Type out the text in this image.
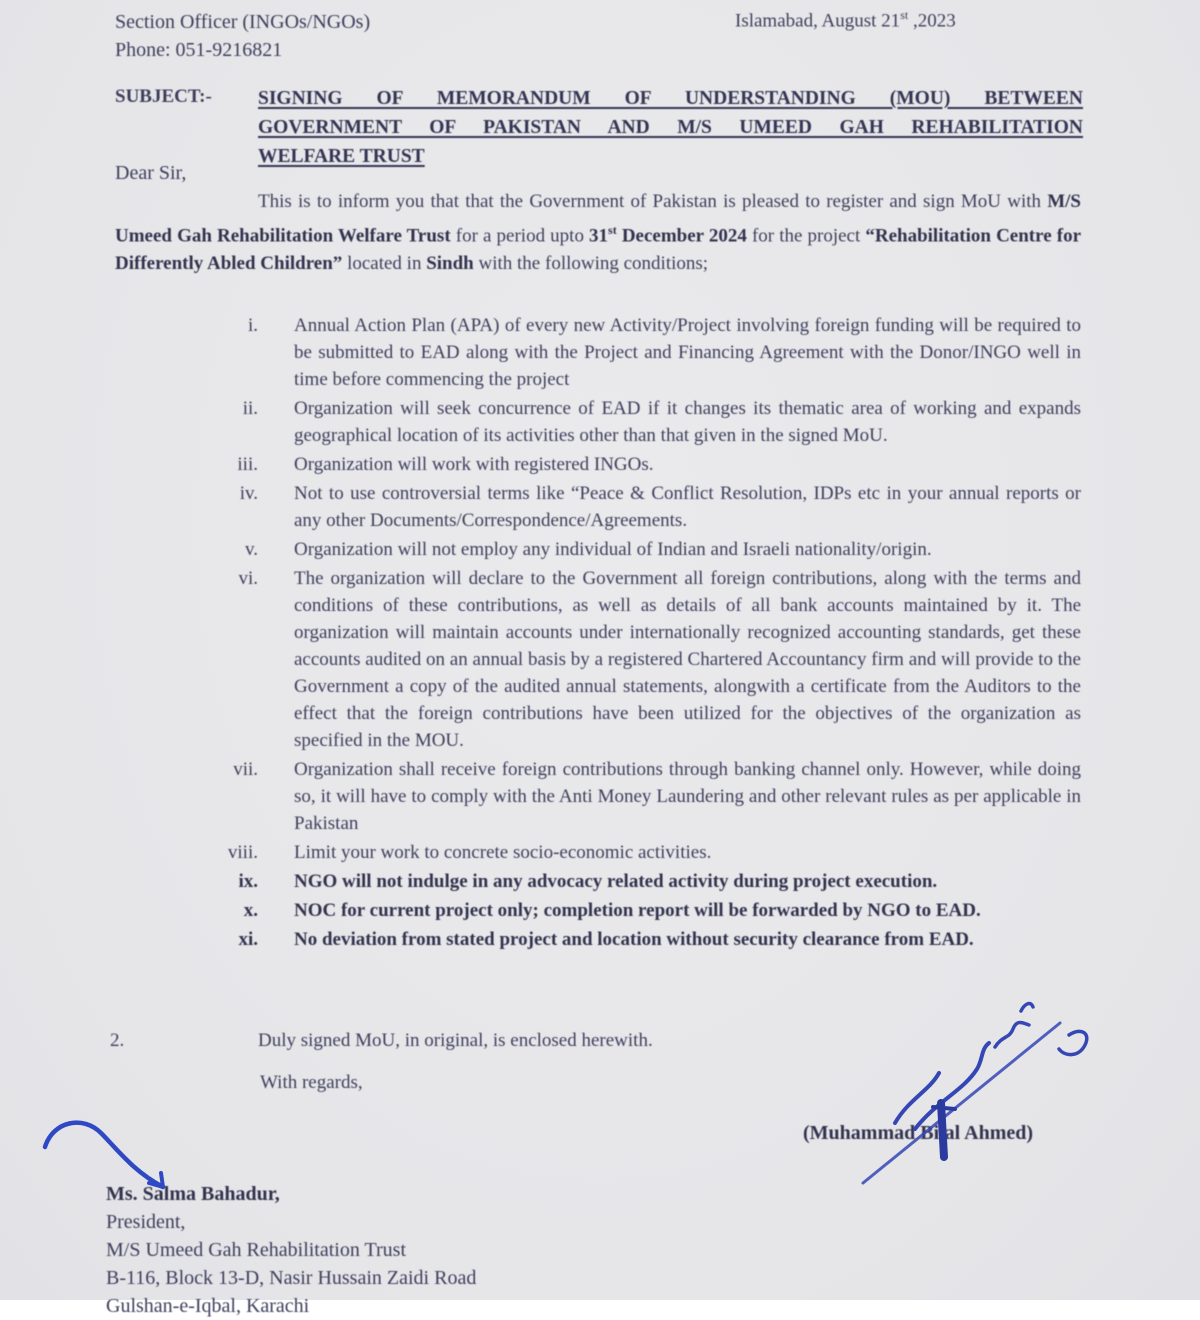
Section Officer (INGOs/NGOs)
Phone: 051-9216821
Islamabad, August 21st ,2023
SUBJECT:-	SIGNING OF MEMORANDUM OF UNDERSTANDING (MOU) BETWEEN
GOVERNMENT OF PAKISTAN AND M/S UMEED GAH REHABILITATION
WELFARE TRUST
Dear Sir,
This is to inform you that that the Government of Pakistan is pleased to register and sign MoU with M/S Umeed Gah Rehabilitation Welfare Trust for a period upto 31st December 2024 for the project “Rehabilitation Centre for Differently Abled Children” located in Sindh with the following conditions;
i. Annual Action Plan (APA) of every new Activity/Project involving foreign funding will be required to be submitted to EAD along with the Project and Financing Agreement with the Donor/INGO well in time before commencing the project
ii. Organization will seek concurrence of EAD if it changes its thematic area of working and expands geographical location of its activities other than that given in the signed MoU.
iii. Organization will work with registered INGOs.
iv. Not to use controversial terms like “Peace & Conflict Resolution, IDPs etc in your annual reports or any other Documents/Correspondence/Agreements.
v. Organization will not employ any individual of Indian and Israeli nationality/origin.
vi. The organization will declare to the Government all foreign contributions, along with the terms and conditions of these contributions, as well as details of all bank accounts maintained by it. The organization will maintain accounts under internationally recognized accounting standards, get these accounts audited on an annual basis by a registered Chartered Accountancy firm and will provide to the Government a copy of the audited annual statements, alongwith a certificate from the Auditors to the effect that the foreign contributions have been utilized for the objectives of the organization as specified in the MOU.
vii. Organization shall receive foreign contributions through banking channel only. However, while doing so, it will have to comply with the Anti Money Laundering and other relevant rules as per applicable in Pakistan
viii. Limit your work to concrete socio-economic activities.
ix. NGO will not indulge in any advocacy related activity during project execution.
x. NOC for current project only; completion report will be forwarded by NGO to EAD.
xi. No deviation from stated project and location without security clearance from EAD.
2.	Duly signed MoU, in original, is enclosed herewith.
With regards,
(Muhammad Bilal Ahmed)
Ms. Salma Bahadur,
President,
M/S Umeed Gah Rehabilitation Trust
B-116, Block 13-D, Nasir Hussain Zaidi Road
Gulshan-e-Iqbal, Karachi
